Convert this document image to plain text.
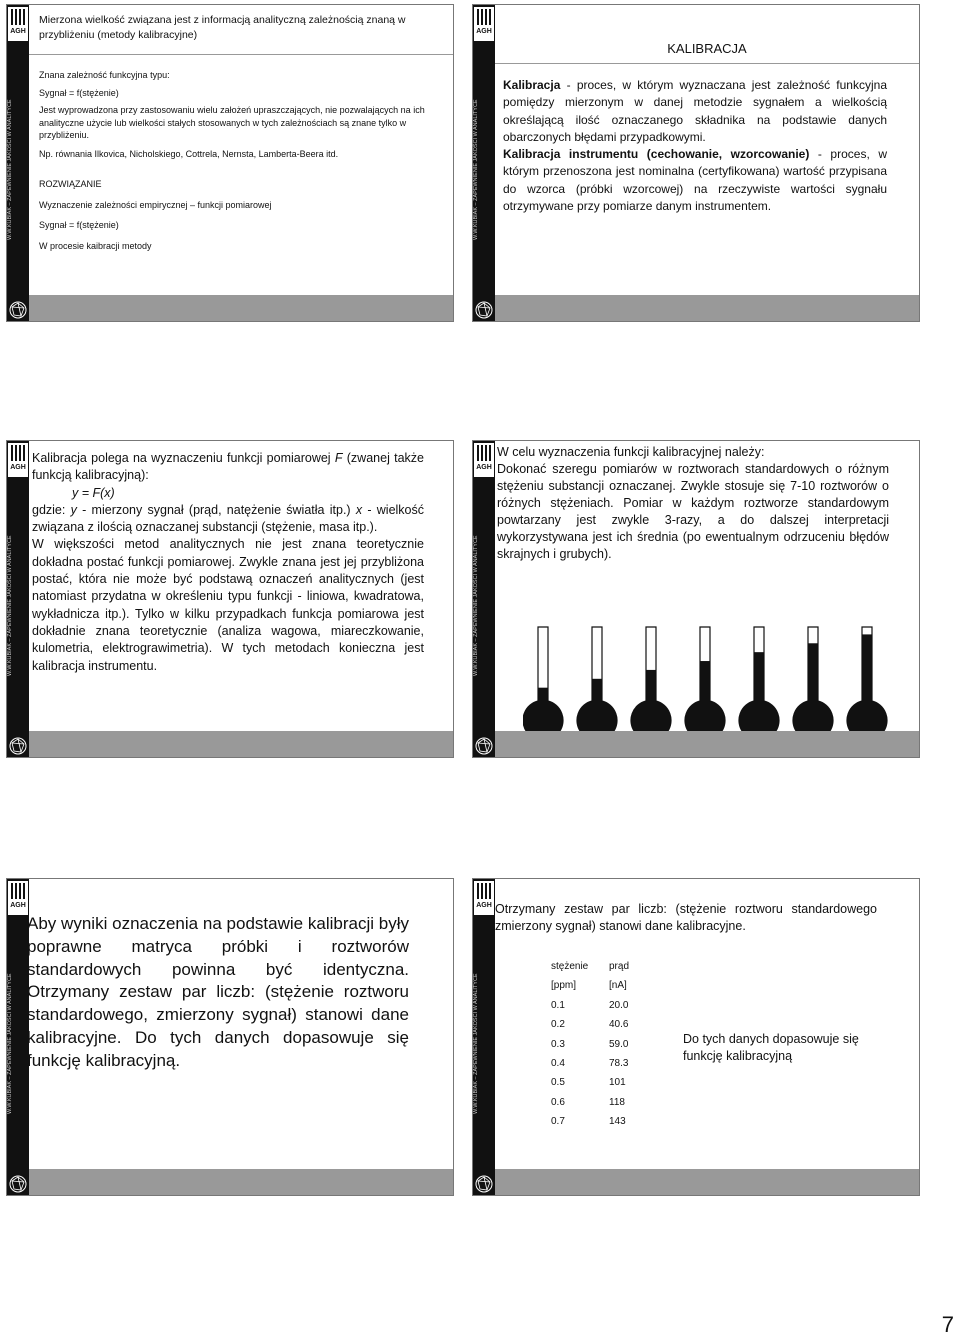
AGH
W.W.KUBIAK – ZAPEWNIENIE JAKOŚCI W ANALITYCE

Mierzona wielkość związana jest z informacją analityczną zależnością znaną w przybliżeniu (metody kalibracyjne)

Znana zależność funkcyjna typu:

Sygnał = f(stężenie)

Jest wyprowadzona przy zastosowaniu wielu założeń upraszczających, nie pozwalających na ich analityczne użycie lub wielkości stałych stosowanych w tych zależnościach są znane tylko w przybliżeniu.

Np. równania Ilkovica, Nicholskiego, Cottrela, Nernsta, Lamberta-Beera itd.

ROZWIĄZANIE

Wyznaczenie zależności empirycznej – funkcji pomiarowej

Sygnał = f(stężenie)

W procesie kaibracji metody

AGH
W.W.KUBIAK – ZAPEWNIENIE JAKOŚCI W ANALITYCE

KALIBRACJA

Kalibracja - proces, w którym wyznaczana jest zależność funkcyjna pomiędzy mierzonym w danej metodzie sygnałem a wielkością określającą ilość oznaczanego składnika na podstawie danych obarczonych błędami przypadkowymi.

Kalibracja instrumentu (cechowanie, wzorcowanie) - proces, w którym przenoszona jest nominalna (certyfikowana) wartość przypisana do wzorca (próbki wzorcowej) na rzeczywiste wartości sygnału otrzymywane przy pomiarze danym instrumentem.

AGH
W.W.KUBIAK – ZAPEWNIENIE JAKOŚCI W ANALITYCE

Kalibracja polega na wyznaczeniu funkcji pomiarowej F (zwanej także funkcją kalibracyjną):

y = F(x)

gdzie: y - mierzony sygnał (prąd, natężenie światła itp.) x - wielkość związana z ilością oznaczanej substancji (stężenie, masa itp.).

W większości metod analitycznych nie jest znana teoretycznie dokładna postać funkcji pomiarowej. Zwykle znana jest jej przybliżona postać, która nie może być podstawą oznaczeń analitycznych (jest natomiast przydatna w określeniu typu funkcji - liniowa, kwadratowa, wykładnicza itp.). Tylko w kilku przypadkach funkcja pomiarowa jest dokładnie znana teoretycznie (analiza wagowa, miareczkowanie, kulometria, elektrograwimetria). W tych metodach konieczna jest kalibracja instrumentu.

AGH
W.W.KUBIAK – ZAPEWNIENIE JAKOŚCI W ANALITYCE

W celu wyznaczenia funkcji kalibracyjnej należy:

Dokonać szeregu pomiarów w roztworach standardowych o różnym stężeniu substancji oznaczanej. Zwykle stosuje się 7-10 roztworów o różnych stężeniach. Pomiar w każdym roztworze standardowym powtarzany jest zwykle 3-razy, a do dalszej interpretacji wykorzystywana jest ich średnia (po ewentualnym odrzuceniu błędów skrajnych i grubych).

AGH
W.W.KUBIAK – ZAPEWNIENIE JAKOŚCI W ANALITYCE

Aby wyniki oznaczenia na podstawie kalibracji były poprawne matryca próbki i roztworów standardowych powinna być identyczna. Otrzymany zestaw par liczb: (stężenie roztworu standardowego, zmierzony sygnał) stanowi dane kalibracyjne. Do tych danych dopasowuje się funkcję kalibracyjną.

AGH
W.W.KUBIAK – ZAPEWNIENIE JAKOŚCI W ANALITYCE

Otrzymany zestaw par liczb: (stężenie roztworu standardowego zmierzony sygnał) stanowi dane kalibracyjne.

stężenie	prąd
[ppm]	[nA]
0.1	20.0
0.2	40.6
0.3	59.0
0.4	78.3
0.5	101
0.6	118
0.7	143

Do tych danych dopasowuje się funkcję kalibracyjną

7
